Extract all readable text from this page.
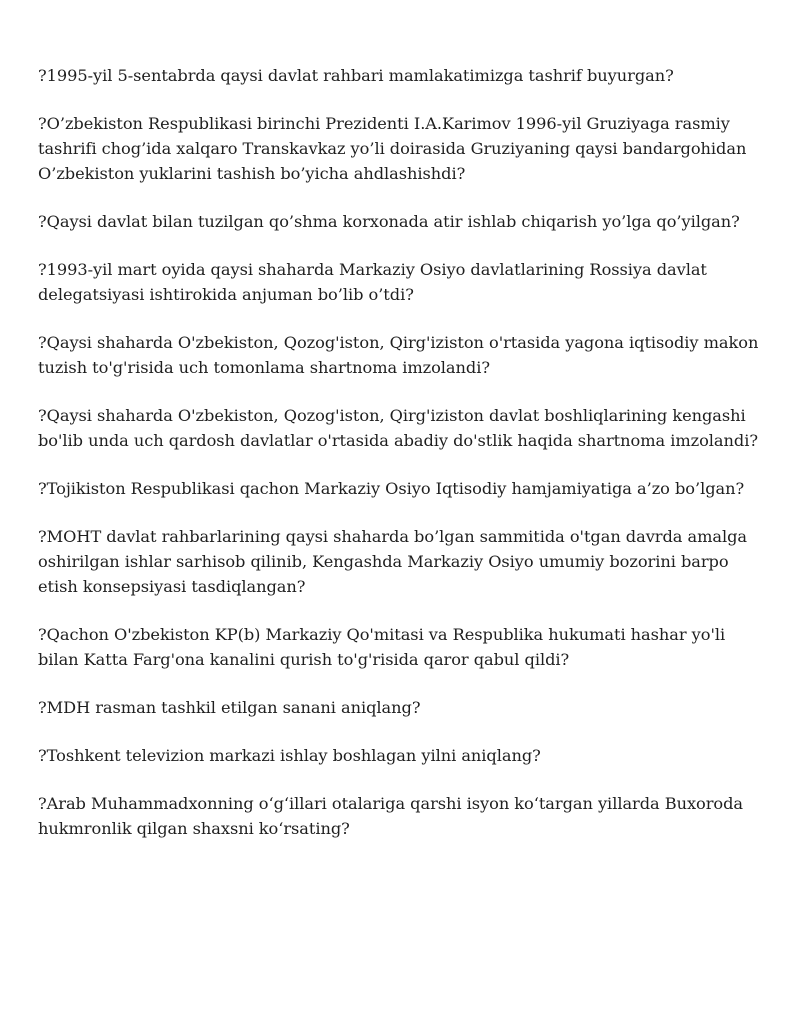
?1995-yil 5-sentabrda qaysi davlat rahbari mamlakatimizga tashrif buyurgan?

?O’zbekiston Respublikasi birinchi Prezidenti I.A.Karimov 1996-yil Gruziyaga rasmiy tashrifi chog’ida xalqaro Transkavkaz yo’li doirasida Gruziyaning qaysi bandargohidan O’zbekiston yuklarini tashish bo’yicha ahdlashishdi?

?Qaysi davlat bilan tuzilgan qo’shma korxonada atir ishlab chiqarish yo’lga qo’yilgan?

?1993-yil mart oyida qaysi shaharda Markaziy Osiyo davlatlarining Rossiya davlat delegatsiyasi ishtirokida anjuman bo’lib o’tdi?

?Qaysi shaharda O'zbekiston, Qozog'iston, Qirg'iziston o'rtasida yagona iqtisodiy makon tuzish to'g'risida uch tomonlama shartnoma imzolandi?

?Qaysi shaharda O'zbekiston, Qozog'iston, Qirg'iziston davlat boshliqlarining kengashi bo'lib unda uch qardosh davlatlar o'rtasida abadiy do'stlik haqida shartnoma imzolandi?

?Tojikiston Respublikasi qachon Markaziy Osiyo Iqtisodiy hamjamiyatiga a’zo bo’lgan?

?MOHT davlat rahbarlarining qaysi shaharda bo’lgan sammitida o'tgan davrda amalga oshirilgan ishlar sarhisob qilinib, Kengashda Markaziy Osiyo umumiy bozorini barpo etish konsepsiyasi tasdiqlangan?

?Qachon O'zbekiston KP(b) Markaziy Qo'mitasi va Respublika hukumati hashar yo'li bilan Katta Farg'ona kanalini qurish to'g'risida qaror qabul qildi?

?MDH rasman tashkil etilgan sanani aniqlang?

?Toshkent televizion markazi ishlay boshlagan yilni aniqlang?

?Arab Muhammadxonning o‘g‘illari otalariga qarshi isyon ko‘targan yillarda Buxoroda hukmronlik qilgan shaxsni ko‘rsating?
